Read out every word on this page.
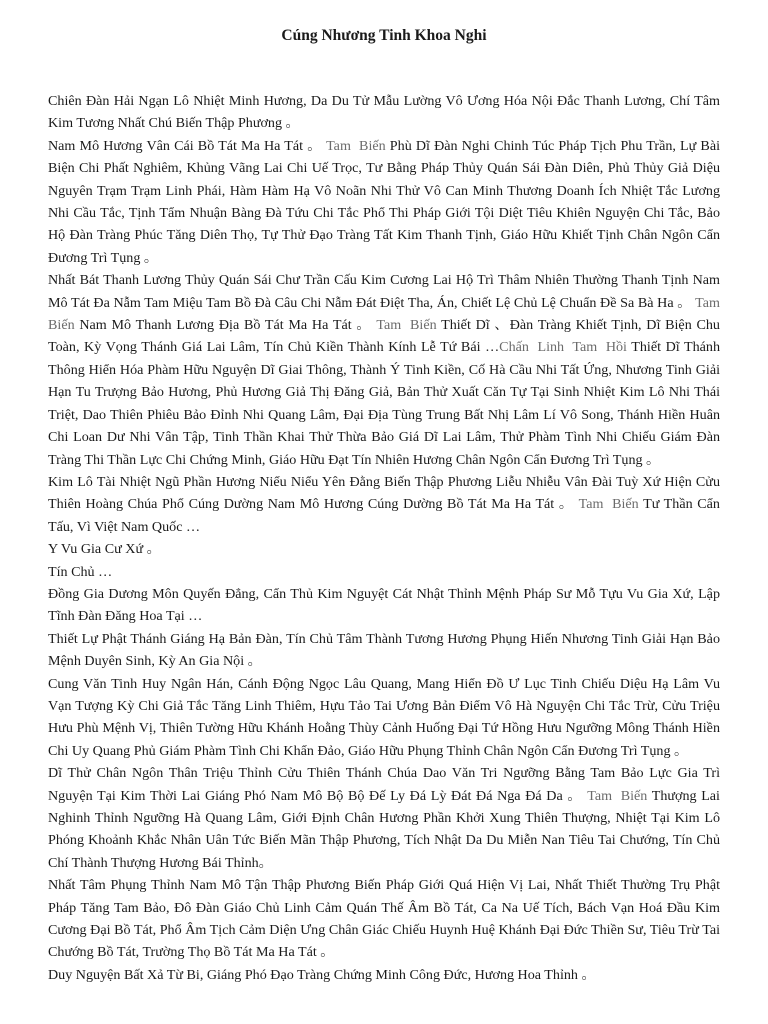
Cúng Nhương Tinh Khoa Nghi

Chiên Đàn Hải Ngạn Lô Nhiệt Minh Hương, Da Du Tử Mẫu Lường Vô Ương Hóa Nội Đắc Thanh Lương, Chí Tâm Kim Tương Nhất Chú Biến Thập Phương 。

Nam Mô Hương Vân Cái Bồ Tát Ma Ha Tát 。 Tam Biến Phù Dĩ Đàn Nghi Chinh Túc Pháp Tịch Phu Trần, Lự Bài Biện Chi Phất Nghiêm, Khủng Vãng Lai Chi Uế Trọc, Tư Bằng Pháp Thủy Quán Sái Đàn Diên, Phủ Thủy Giả Diệu Nguyên Trạm Trạm Linh Phái, Hàm Hàm Hạ Vô Noãn Nhi Thử Vô Can Minh Thương Doanh Ích Nhiệt Tắc Lương Nhi Cầu Tắc, Tịnh Tẩm Nhuận Bàng Đà Tứu Chi Tắc Phổ Thi Pháp Giới Tội Diệt Tiêu Khiên Nguyện Chi Tắc, Bảo Hộ Đàn Tràng Phúc Tăng Diên Thọ, Tự Thử Đạo Tràng Tất Kim Thanh Tịnh, Giáo Hữu Khiết Tịnh Chân Ngôn Cẩn Đương Trì Tụng 。

Nhất Bát Thanh Lương Thủy Quán Sái Chư Trần Cấu Kim Cương Lai Hộ Trì Thâm Nhiên Thường Thanh Tịnh Nam Mô Tát Đa Nẫm Tam Miệu Tam Bồ Đà Câu Chi Nẫm Đát Điệt Tha, Án, Chiết Lệ Chủ Lệ Chuẩn Đề Sa Bà Ha 。 Tam Biến Nam Mô Thanh Lương Địa Bồ Tát Ma Ha Tát 。 Tam Biến Thiết Dĩ 、Đàn Tràng Khiết Tịnh, Dĩ Biện Chu Toàn, Kỳ Vọng Thánh Giá Lai Lâm, Tín Chủ Kiền Thành Kính Lễ Tứ Bái …Chấn Linh Tam Hồi Thiết Dĩ Thánh Thông Hiển Hóa Phàm Hữu Nguyện Dĩ Giai Thông, Thành Ý Tinh Kiền, Cố Hà Cầu Nhi Tất Ứng, Nhương Tinh Giải Hạn Tu Trượng Bảo Hương, Phủ Hương Giả Thị Đăng Giả, Bản Thử Xuất Căn Tự Tại Sinh Nhiệt Kim Lô Nhi Thái Triệt, Dao Thiên Phiêu Bảo Đỉnh Nhi Quang Lâm, Đại Địa Tùng Trung Bất Nhị Lâm Lí Vô Song, Thánh Hiền Huân Chi Loan Dư Nhi Vân Tập, Tinh Thần Khai Thử Thừa Bảo Giá Dĩ Lai Lâm, Thử Phàm Tình Nhi Chiếu Giám Đàn Tràng Thi Thần Lực Chi Chứng Minh, Giáo Hữu Đạt Tín Nhiên Hương Chân Ngôn Cẩn Đương Trì Tụng 。

Kim Lô Tài Nhiệt Ngũ Phần Hương Niểu Niểu Yên Đằng Biến Thập Phương Liễu Nhiễu Vân Đài Tuỳ Xứ Hiện Cửu Thiên Hoàng Chúa Phổ Cúng Dường Nam Mô Hương Cúng Dường Bồ Tát Ma Ha Tát 。 Tam Biến Tư Thần Cẩn Tấu, Vì Việt Nam Quốc …

Y Vu Gia Cư Xứ 。

Tín Chủ …

Đồng Gia Dương Môn Quyến Đẳng, Cẩn Thủ Kim Nguyệt Cát Nhật Thỉnh Mệnh Pháp Sư Mỗ Tựu Vu Gia Xứ, Lập Tĩnh Đàn Đăng Hoa Tại …

Thiết Lự Phật Thánh Giáng Hạ Bản Đàn, Tín Chủ Tâm Thành Tương Hương Phụng Hiến Nhương Tinh Giải Hạn Bảo Mệnh Duyên Sinh, Kỳ An Gia Nội 。

Cung Văn Tinh Huy Ngân Hán, Cánh Động Ngọc Lâu Quang, Mang Hiển Đồ Ư Lục Tinh Chiếu Diệu Hạ Lâm Vu Vạn Tượng Kỳ Chi Giả Tắc Tăng Linh Thiêm, Hựu Tảo Tai Ương Bản Điểm Vô Hà Nguyện Chi Tắc Trừ, Cửu Triệu Hưu Phù Mệnh Vị, Thiên Tường Hữu Khánh Hoằng Thùy Cảnh Huống Đại Tứ Hồng Hưu Ngưỡng Mông Thánh Hiền Chi Uy Quang Phủ Giám Phàm Tình Chi Khẩn Đảo, Giáo Hữu Phụng Thỉnh Chân Ngôn Cẩn Đương Trì Tụng 。

Dĩ Thử Chân Ngôn Thân Triệu Thỉnh Cửu Thiên Thánh Chúa Dao Văn Tri Ngưỡng Bằng Tam Bảo Lực Gia Trì Nguyện Tại Kim Thời Lai Giáng Phó Nam Mô Bộ Bộ Đế Ly Đá Lỳ Đát Đá Nga Đá Da 。 Tam Biến Thượng Lai Nghinh Thỉnh Ngưỡng Hà Quang Lâm, Giới Định Chân Hương Phần Khởi Xung Thiên Thượng, Nhiệt Tại Kim Lô Phóng Khoảnh Khắc Nhân Uân Tức Biến Mãn Thập Phương, Tích Nhật Da Du Miễn Nan Tiêu Tai Chướng, Tín Chủ Chí Thành Thượng Hương Bái Thỉnh。

Nhất Tâm Phụng Thỉnh Nam Mô Tận Thập Phương Biến Pháp Giới Quá Hiện Vị Lai, Nhất Thiết Thường Trụ Phật Pháp Tăng Tam Bảo, Đô Đàn Giáo Chủ Linh Cảm Quán Thế Âm Bồ Tát, Ca Na Uế Tích, Bách Vạn Hoá Đầu Kim Cương Đại Bồ Tát, Phổ Âm Tịch Cảm Diện Ưng Chân Giác Chiếu Huynh Huệ Khánh Đại Đức Thiền Sư, Tiêu Trừ Tai Chướng Bồ Tát, Trường Thọ Bồ Tát Ma Ha Tát 。

Duy Nguyện Bất Xả Từ Bi, Giáng Phó Đạo Tràng Chứng Minh Công Đức, Hương Hoa Thỉnh 。
